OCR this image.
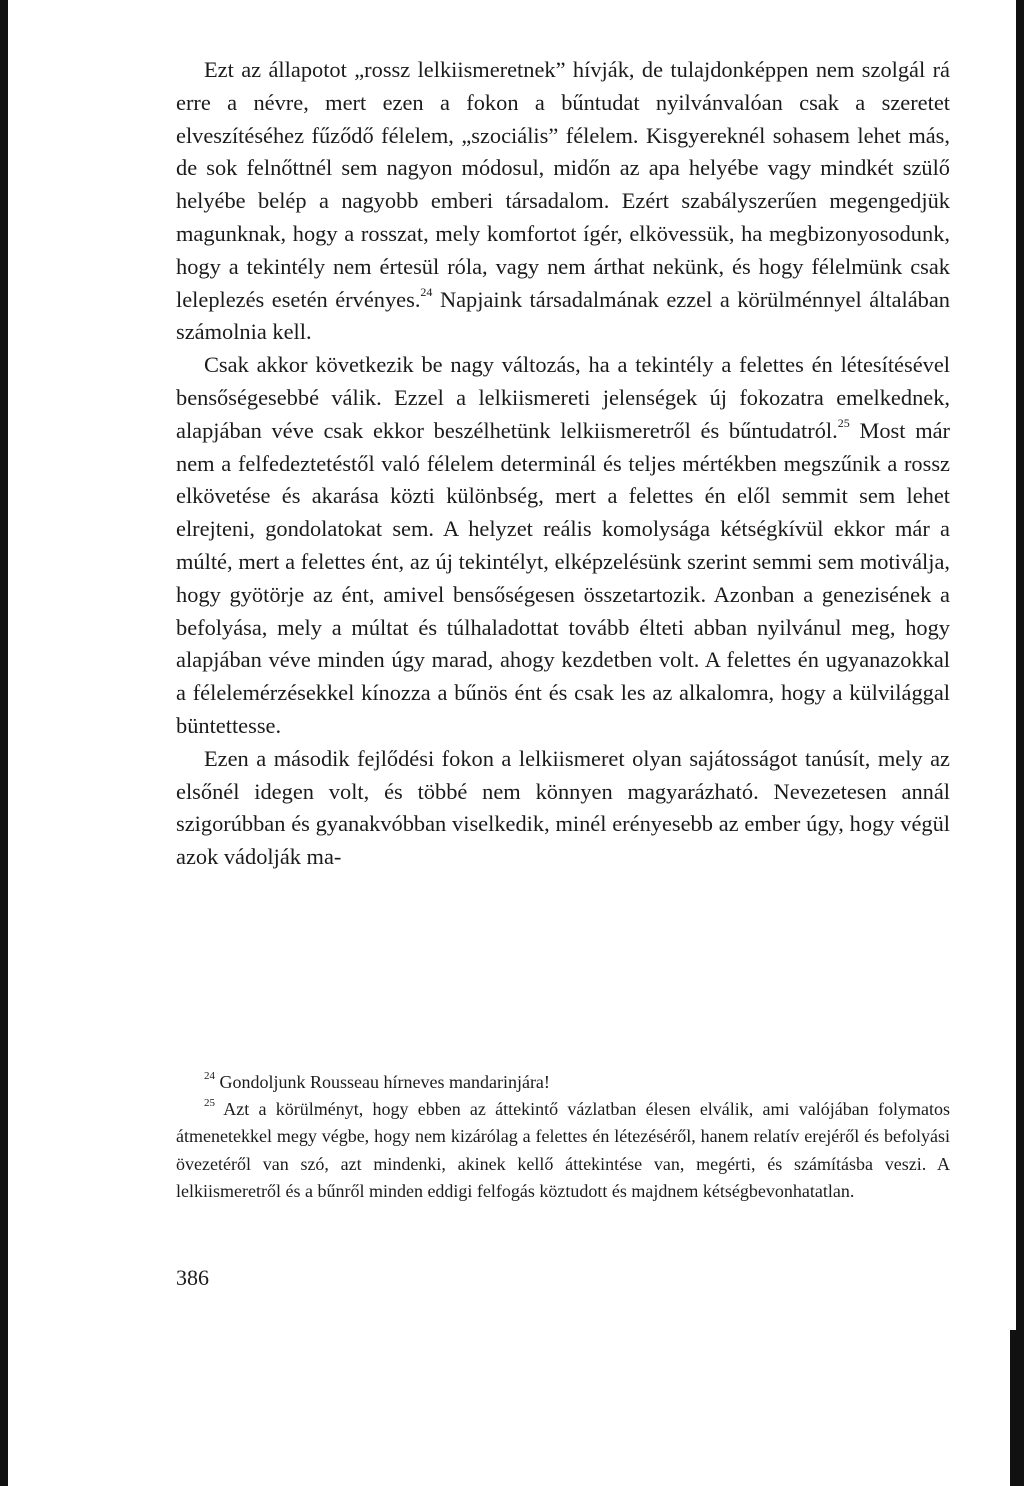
Ezt az állapotot „rossz lelkiismeretnek” hívják, de tulajdonképpen nem szolgál rá erre a névre, mert ezen a fokon a bűntudat nyilvánvalóan csak a szeretet elveszítéséhez fűződő félelem, „szociális” félelem. Kisgyereknél sohasem lehet más, de sok felnőttnél sem nagyon módosul, midőn az apa helyébe vagy mindkét szülő helyébe belép a nagyobb emberi társadalom. Ezért szabályszerűen megengedjük magunknak, hogy a rosszat, mely komfortot ígér, elkövessük, ha megbizonyosodunk, hogy a tekintély nem értesül róla, vagy nem árthat nekünk, és hogy félelmünk csak leleplezés esetén érvényes.$^{24}$ Napjaink társadalmának ezzel a körülménnyel általában számolnia kell.

Csak akkor következik be nagy változás, ha a tekintély a felettes én létesítésével bensőségesebbé válik. Ezzel a lelkiismereti jelenségek új fokozatra emelkednek, alapjában véve csak ekkor beszélhetünk lelkiismeretről és bűntudatról.$^{25}$ Most már nem a felfedeztetéstől való félelem determinál és teljes mértékben megszűnik a rossz elkövetése és akarása közti különbség, mert a felettes én elől semmit sem lehet elrejteni, gondolatokat sem. A helyzet reális komolysága kétségkívül ekkor már a múlté, mert a felettes ént, az új tekintélyt, elképzelésünk szerint semmi sem motiválja, hogy gyötörje az ént, amivel bensőségesen összetartozik. Azonban a genezisének a befolyása, mely a múltat és túlhaladottat tovább élteti abban nyilvánul meg, hogy alapjában véve minden úgy marad, ahogy kezdetben volt. A felettes én ugyanazokkal a félelemérzésekkel kínozza a bűnös ént és csak les az alkalomra, hogy a külvilággal büntettesse.

Ezen a második fejlődési fokon a lelkiismeret olyan sajátosságot tanúsít, mely az elsőnél idegen volt, és többé nem könnyen magyarázható. Nevezetesen annál szigorúbban és gyanakvóbban viselkedik, minél erényesebb az ember úgy, hogy végül azok vádolják ma-

$^{24}$ Gondoljunk Rousseau hírneves mandarinjára!

$^{25}$ Azt a körülményt, hogy ebben az áttekintő vázlatban élesen elválik, ami valójában folymatos átmenetekkel megy végbe, hogy nem kizárólag a felettes én létezéséről, hanem relatív erejéről és befolyási övezetéről van szó, azt mindenki, akinek kellő áttekintése van, megérti, és számításba veszi. A lelkiismeretről és a bűnről minden eddigi felfogás köztudott és majdnem kétségbevonhatatlan.

386
